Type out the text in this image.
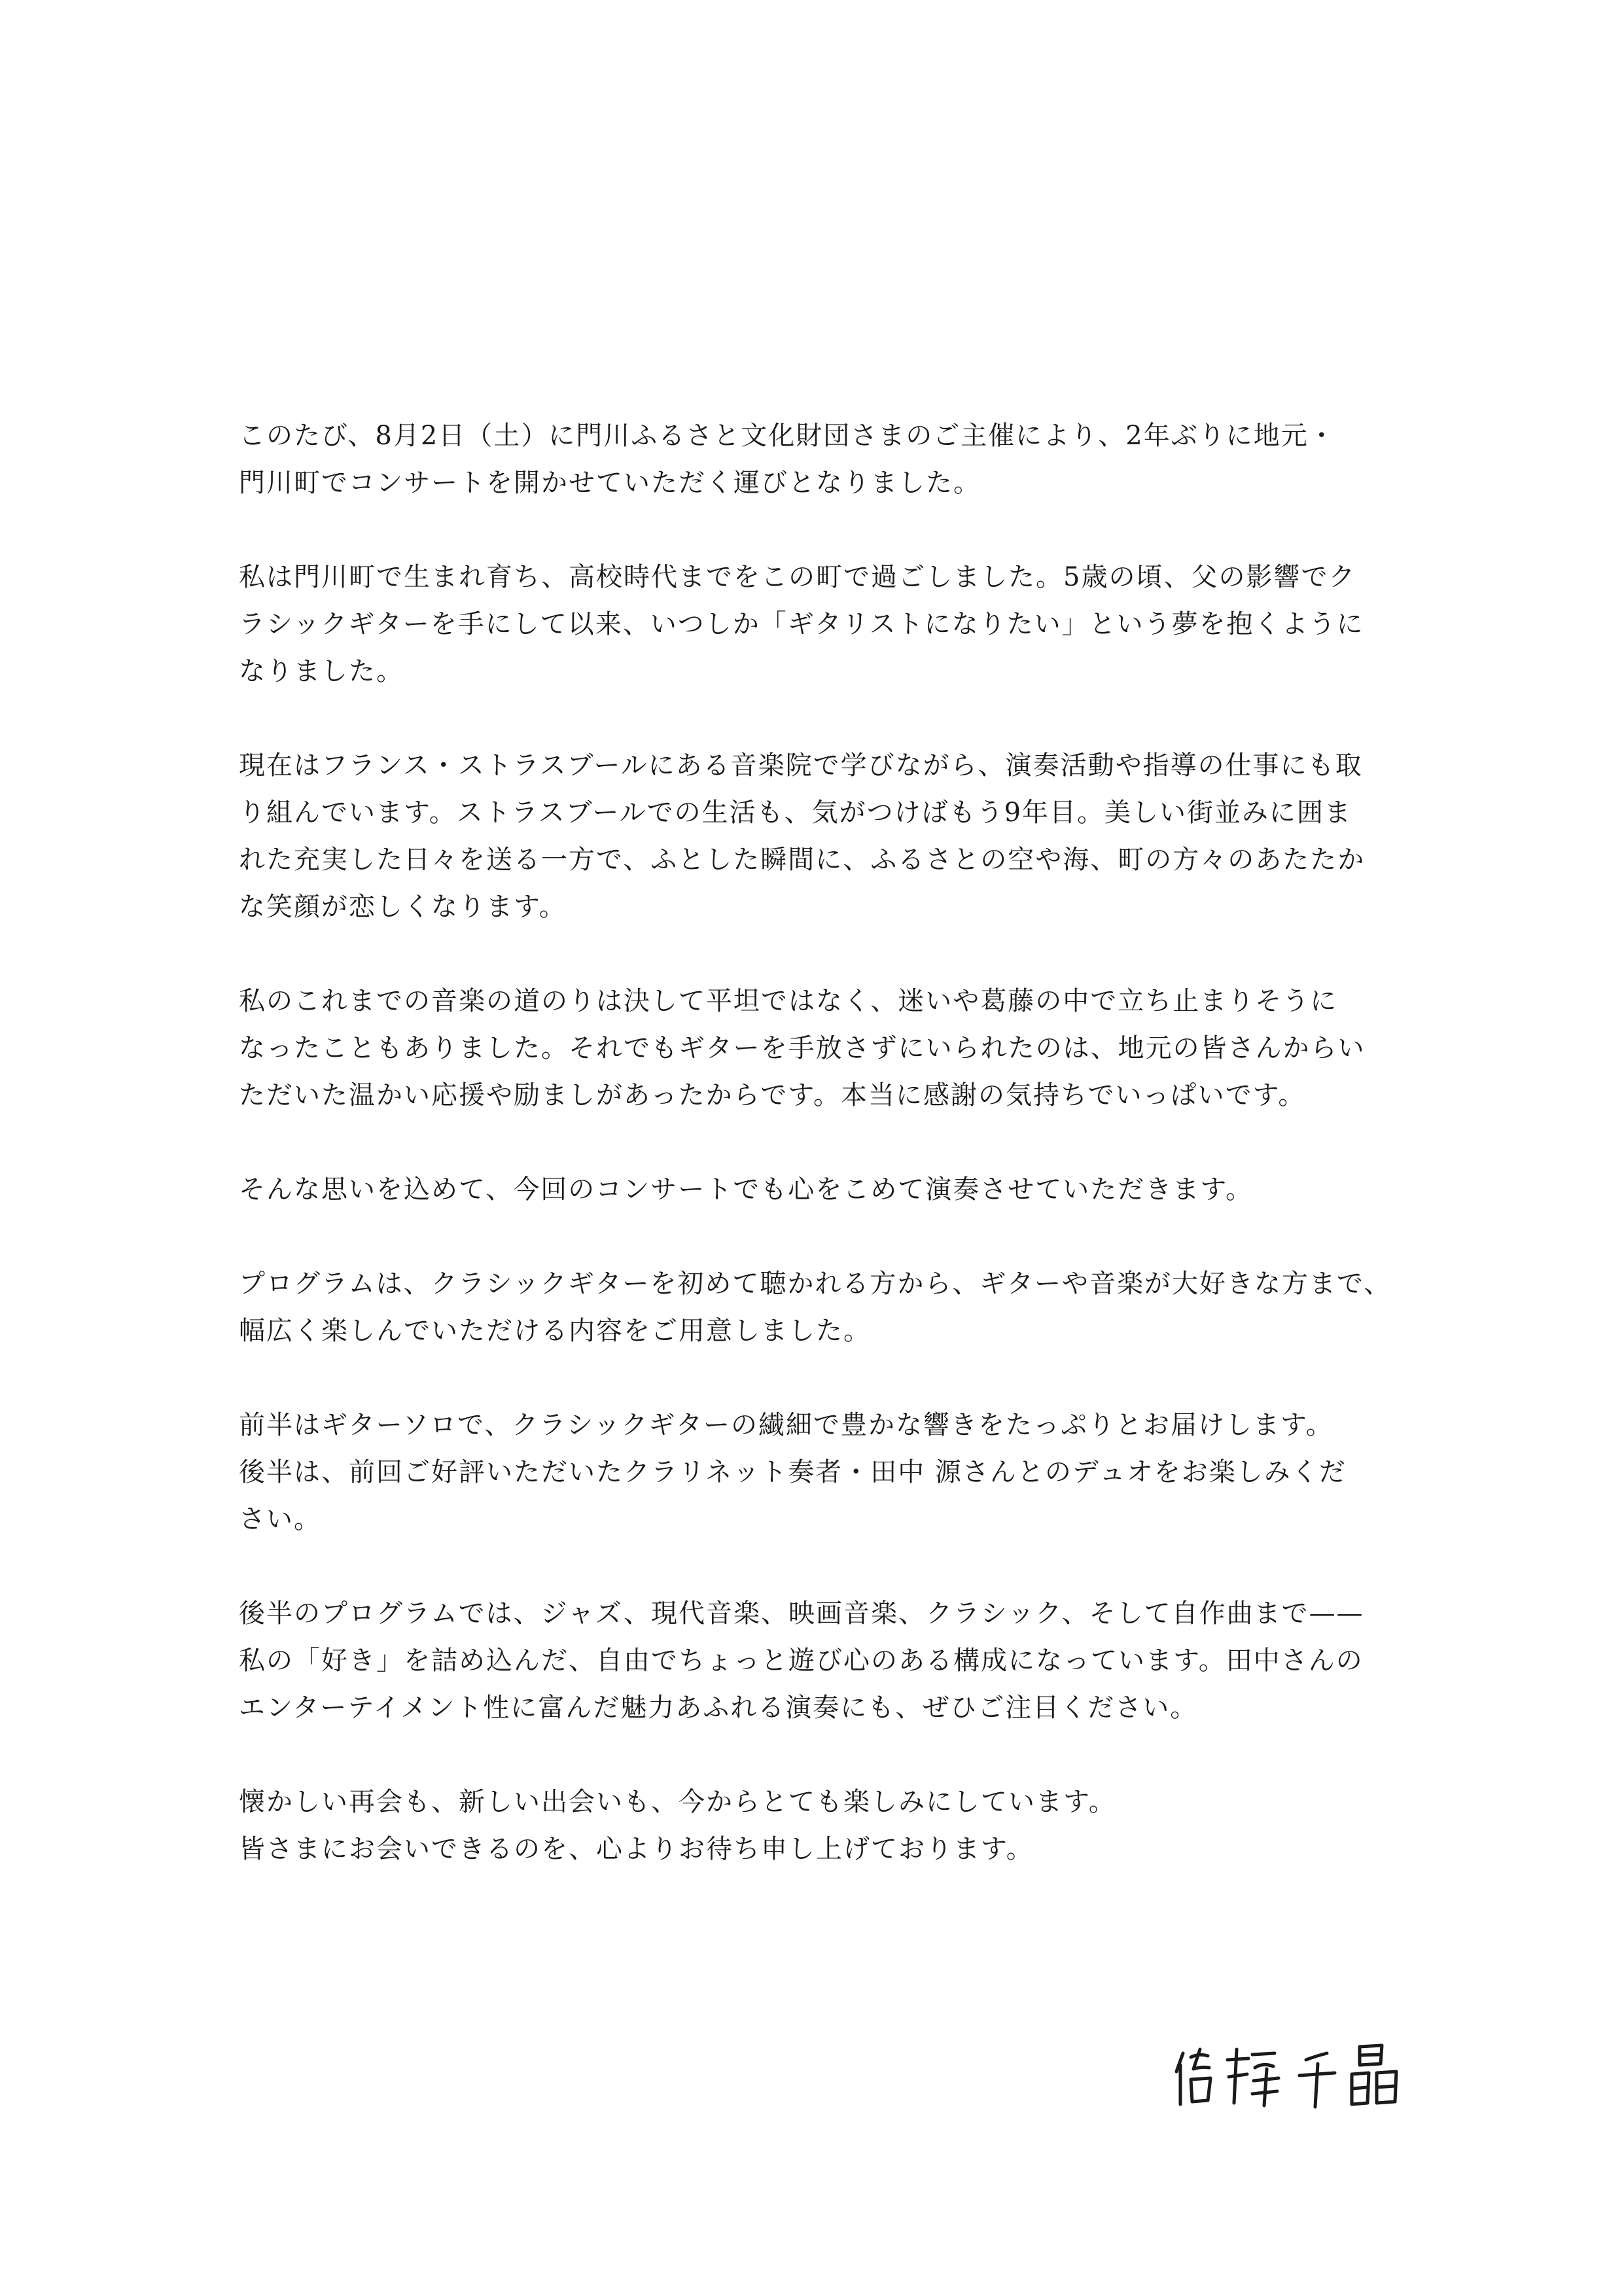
このたび、8月2日（土）に門川ふるさと文化財団さまのご主催により、2年ぶりに地元・
門川町でコンサートを開かせていただく運びとなりました。
私は門川町で生まれ育ち、高校時代までをこの町で過ごしました。5歳の頃、父の影響でク
ラシックギターを手にして以来、いつしか「ギタリストになりたい」という夢を抱くように
なりました。
現在はフランス・ストラスブールにある音楽院で学びながら、演奏活動や指導の仕事にも取
り組んでいます。ストラスブールでの生活も、気がつけばもう9年目。美しい街並みに囲ま
れた充実した日々を送る一方で、ふとした瞬間に、ふるさとの空や海、町の方々のあたたか
な笑顔が恋しくなります。
私のこれまでの音楽の道のりは決して平坦ではなく、迷いや葛藤の中で立ち止まりそうに
なったこともありました。それでもギターを手放さずにいられたのは、地元の皆さんからい
ただいた温かい応援や励ましがあったからです。本当に感謝の気持ちでいっぱいです。
そんな思いを込めて、今回のコンサートでも心をこめて演奏させていただきます。
プログラムは、クラシックギターを初めて聴かれる方から、ギターや音楽が大好きな方まで、
幅広く楽しんでいただける内容をご用意しました。
前半はギターソロで、クラシックギターの繊細で豊かな響きをたっぷりとお届けします。
後半は、前回ご好評いただいたクラリネット奏者・田中 源さんとのデュオをお楽しみくだ
さい。
後半のプログラムでは、ジャズ、現代音楽、映画音楽、クラシック、そして自作曲まで——
私の「好き」を詰め込んだ、自由でちょっと遊び心のある構成になっています。田中さんの
エンターテイメント性に富んだ魅力あふれる演奏にも、ぜひご注目ください。
懐かしい再会も、新しい出会いも、今からとても楽しみにしています。
皆さまにお会いできるのを、心よりお待ち申し上げております。
